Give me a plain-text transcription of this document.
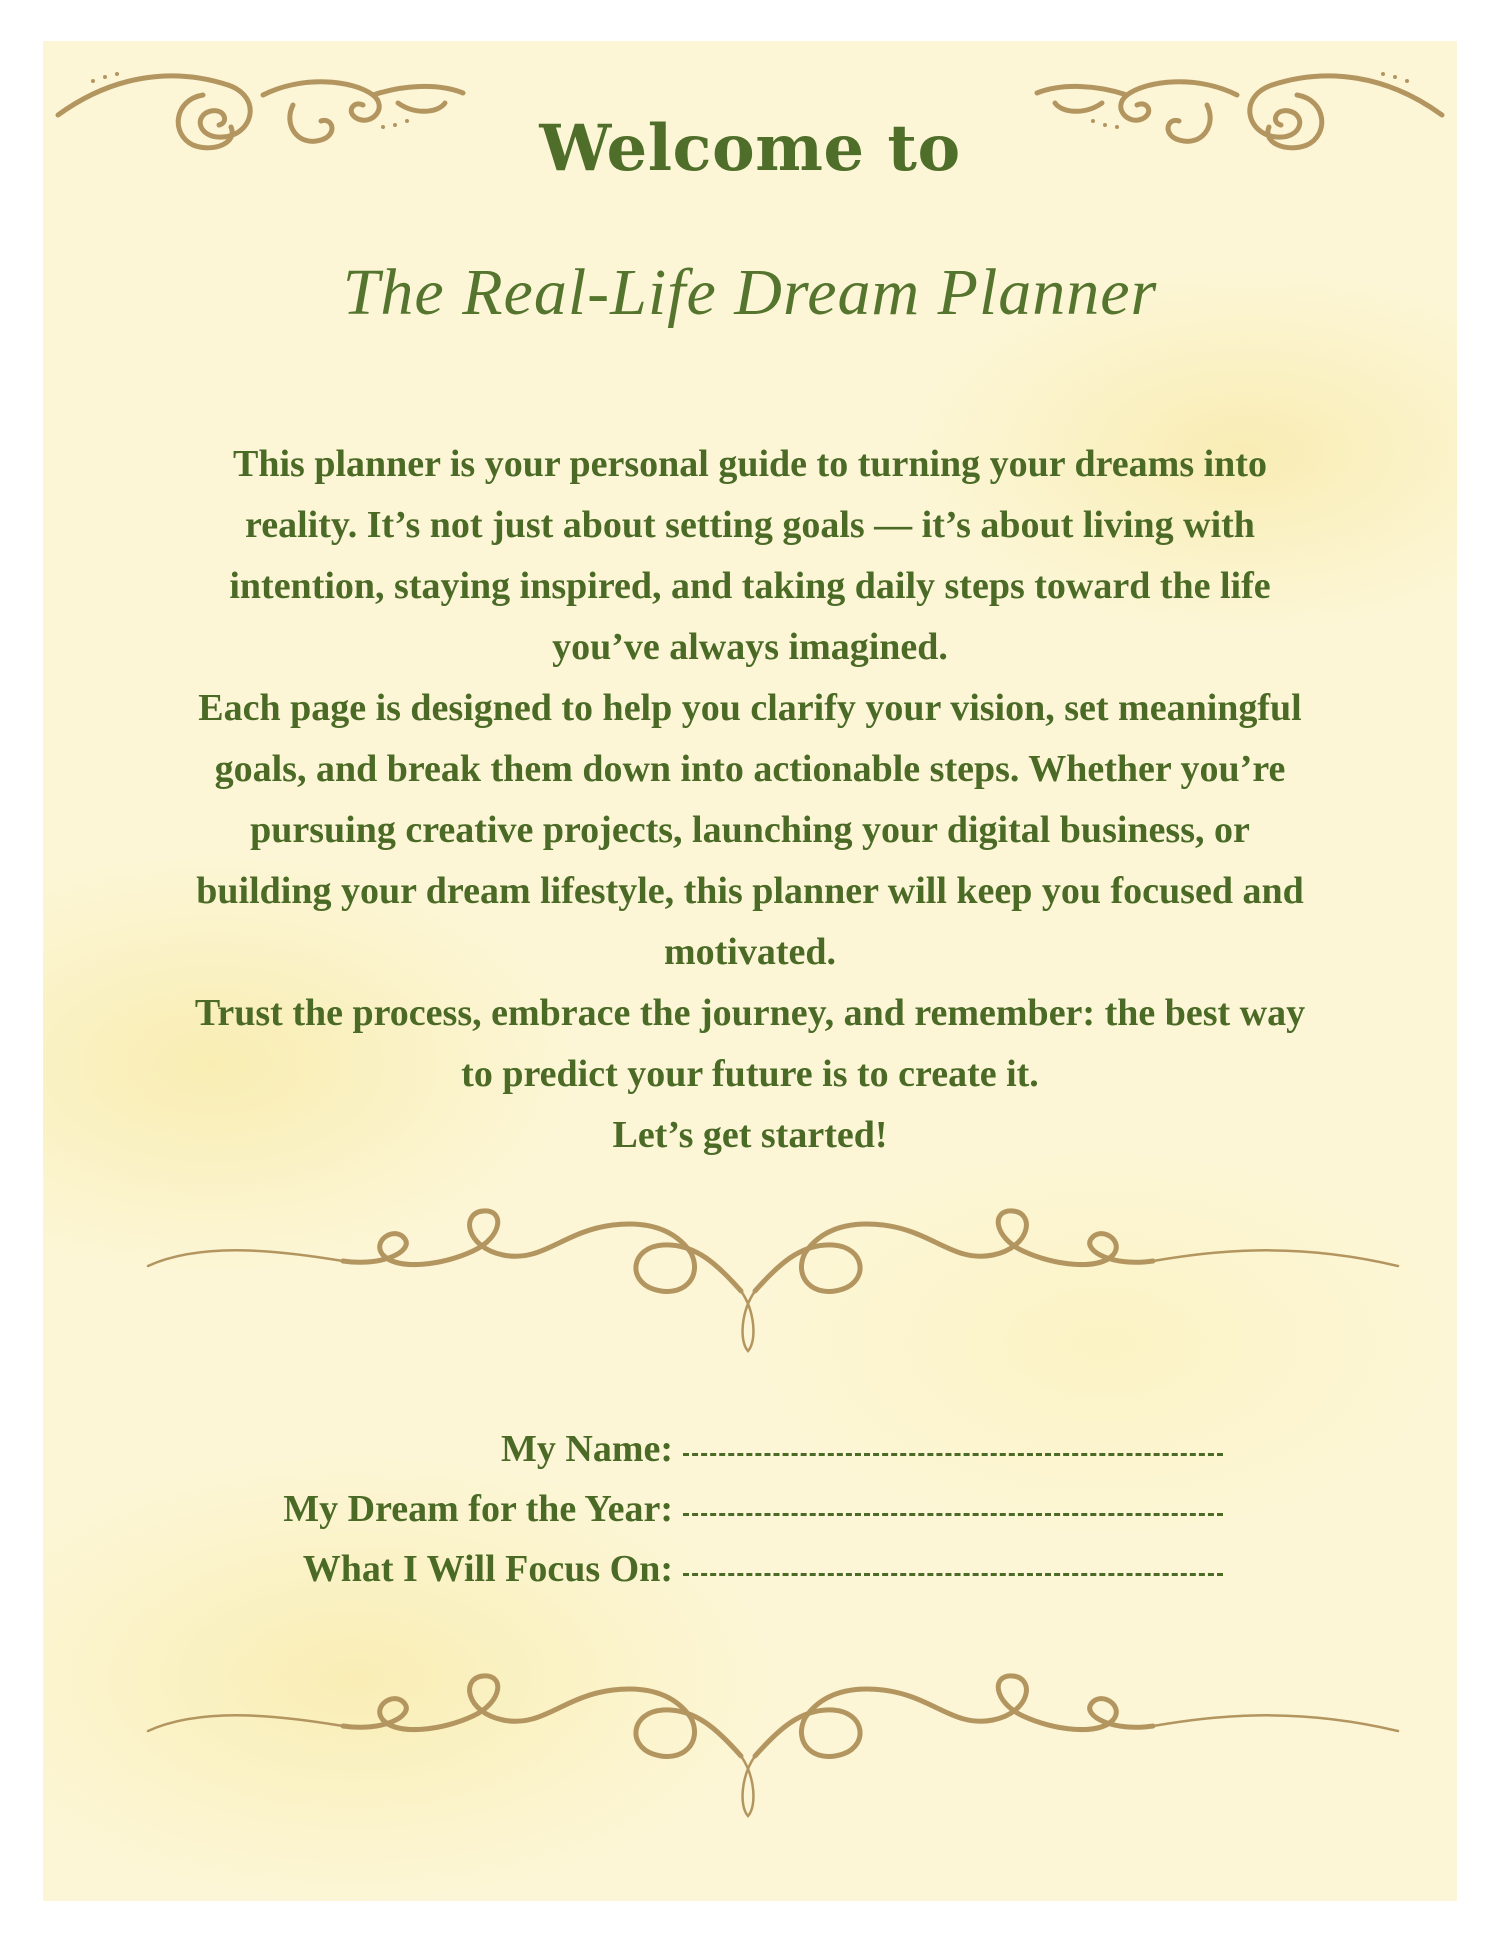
Welcome to
The Real-Life Dream Planner

This planner is your personal guide to turning your dreams into reality. It’s not just about setting goals — it’s about living with intention, staying inspired, and taking daily steps toward the life you’ve always imagined.

Each page is designed to help you clarify your vision, set meaningful goals, and break them down into actionable steps. Whether you’re pursuing creative projects, launching your digital business, or building your dream lifestyle, this planner will keep you focused and motivated.

Trust the process, embrace the journey, and remember: the best way to predict your future is to create it.

Let’s get started!

My Name:
My Dream for the Year:
What I Will Focus On:
